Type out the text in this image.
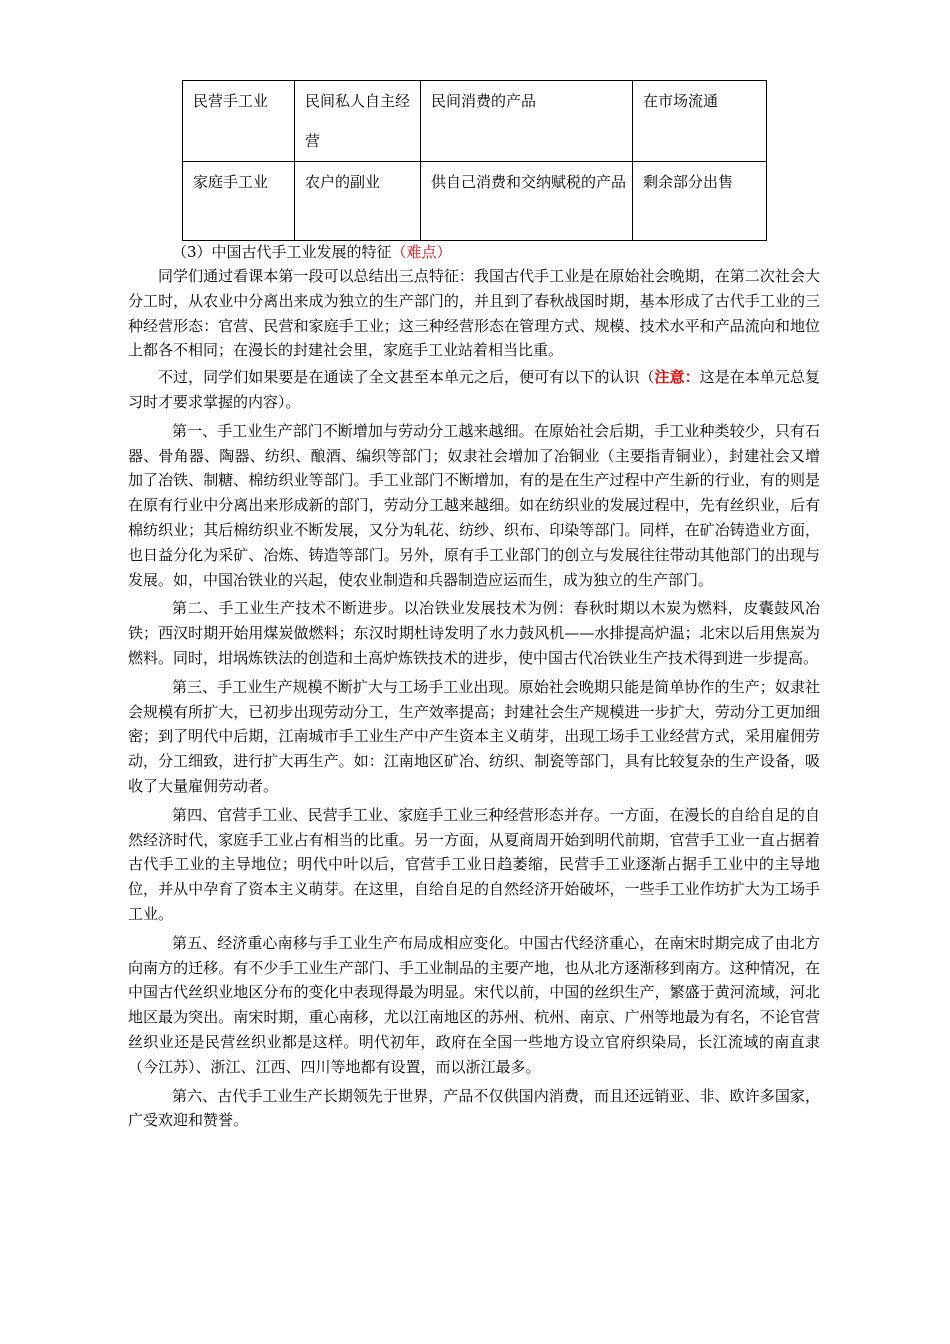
民营手工业	民间私人自主经营	民间消费的产品	在市场流通
家庭手工业	农户的副业	供自己消费和交纳赋税的产品	剩余部分出售
（3）中国古代手工业发展的特征（难点）

同学们通过看课本第一段可以总结出三点特征：我国古代手工业是在原始社会晚期，在第二次社会大分工时，从农业中分离出来成为独立的生产部门的，并且到了春秋战国时期，基本形成了古代手工业的三种经营形态：官营、民营和家庭手工业；这三种经营形态在管理方式、规模、技术水平和产品流向和地位上都各不相同；在漫长的封建社会里，家庭手工业站着相当比重。

不过，同学们如果要是在通读了全文甚至本单元之后，便可有以下的认识（注意：这是在本单元总复习时才要求掌握的内容）。

第一、手工业生产部门不断增加与劳动分工越来越细。在原始社会后期，手工业种类较少，只有石器、骨角器、陶器、纺织、酿酒、编织等部门；奴隶社会增加了冶铜业（主要指青铜业），封建社会又增加了冶铁、制糖、棉纺织业等部门。手工业部门不断增加，有的是在生产过程中产生新的行业，有的则是在原有行业中分离出来形成新的部门，劳动分工越来越细。如在纺织业的发展过程中，先有丝织业，后有棉纺织业；其后棉纺织业不断发展，又分为轧花、纺纱、织布、印染等部门。同样，在矿冶铸造业方面，也日益分化为采矿、冶炼、铸造等部门。另外，原有手工业部门的创立与发展往往带动其他部门的出现与发展。如，中国冶铁业的兴起，使农业制造和兵器制造应运而生，成为独立的生产部门。

第二、手工业生产技术不断进步。以冶铁业发展技术为例：春秋时期以木炭为燃料，皮囊鼓风冶铁；西汉时期开始用煤炭做燃料；东汉时期杜诗发明了水力鼓风机——水排提高炉温；北宋以后用焦炭为燃料。同时，坩埚炼铁法的创造和土高炉炼铁技术的进步，使中国古代冶铁业生产技术得到进一步提高。

第三、手工业生产规模不断扩大与工场手工业出现。原始社会晚期只能是简单协作的生产；奴隶社会规模有所扩大，已初步出现劳动分工，生产效率提高；封建社会生产规模进一步扩大，劳动分工更加细密；到了明代中后期，江南城市手工业生产中产生资本主义萌芽，出现工场手工业经营方式，采用雇佣劳动，分工细致，进行扩大再生产。如：江南地区矿冶、纺织、制瓷等部门，具有比较复杂的生产设备，吸收了大量雇佣劳动者。

第四、官营手工业、民营手工业、家庭手工业三种经营形态并存。一方面，在漫长的自给自足的自然经济时代，家庭手工业占有相当的比重。另一方面，从夏商周开始到明代前期，官营手工业一直占据着古代手工业的主导地位；明代中叶以后，官营手工业日趋萎缩，民营手工业逐渐占据手工业中的主导地位，并从中孕育了资本主义萌芽。在这里，自给自足的自然经济开始破坏，一些手工业作坊扩大为工场手工业。

第五、经济重心南移与手工业生产布局成相应变化。中国古代经济重心，在南宋时期完成了由北方向南方的迁移。有不少手工业生产部门、手工业制品的主要产地，也从北方逐渐移到南方。这种情况，在中国古代丝织业地区分布的变化中表现得最为明显。宋代以前，中国的丝织生产，繁盛于黄河流域，河北地区最为突出。南宋时期，重心南移，尤以江南地区的苏州、杭州、南京、广州等地最为有名，不论官营丝织业还是民营丝织业都是这样。明代初年，政府在全国一些地方设立官府织染局，长江流域的南直隶（今江苏）、浙江、江西、四川等地都有设置，而以浙江最多。

第六、古代手工业生产长期领先于世界，产品不仅供国内消费，而且还远销亚、非、欧许多国家，广受欢迎和赞誉。
